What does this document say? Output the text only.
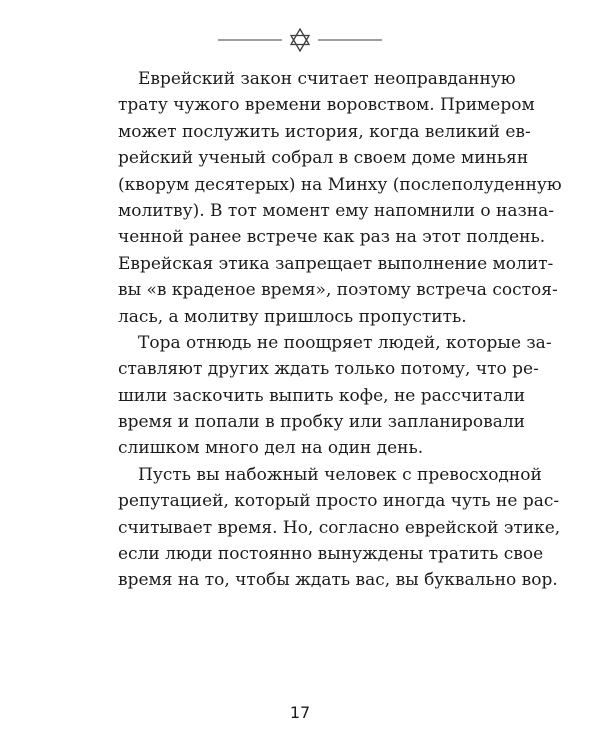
Еврейский закон считает неоправданную
трату чужого времени воровством. Примером
может послужить история, когда великий ев-
рейский ученый собрал в своем доме миньян
(кворум десятерых) на Минху (послеполуденную
молитву). В тот момент ему напомнили о назна-
ченной ранее встрече как раз на этот полдень.
Еврейская этика запрещает выполнение молит-
вы «в краденое время», поэтому встреча состоя-
лась, а молитву пришлось пропустить.
Тора отнюдь не поощряет людей, которые за-
ставляют других ждать только потому, что ре-
шили заскочить выпить кофе, не рассчитали
время и попали в пробку или запланировали
слишком много дел на один день.
Пусть вы набожный человек с превосходной
репутацией, который просто иногда чуть не рас-
считывает время. Но, согласно еврейской этике,
если люди постоянно вынуждены тратить свое
время на то, чтобы ждать вас, вы буквально вор.
17
